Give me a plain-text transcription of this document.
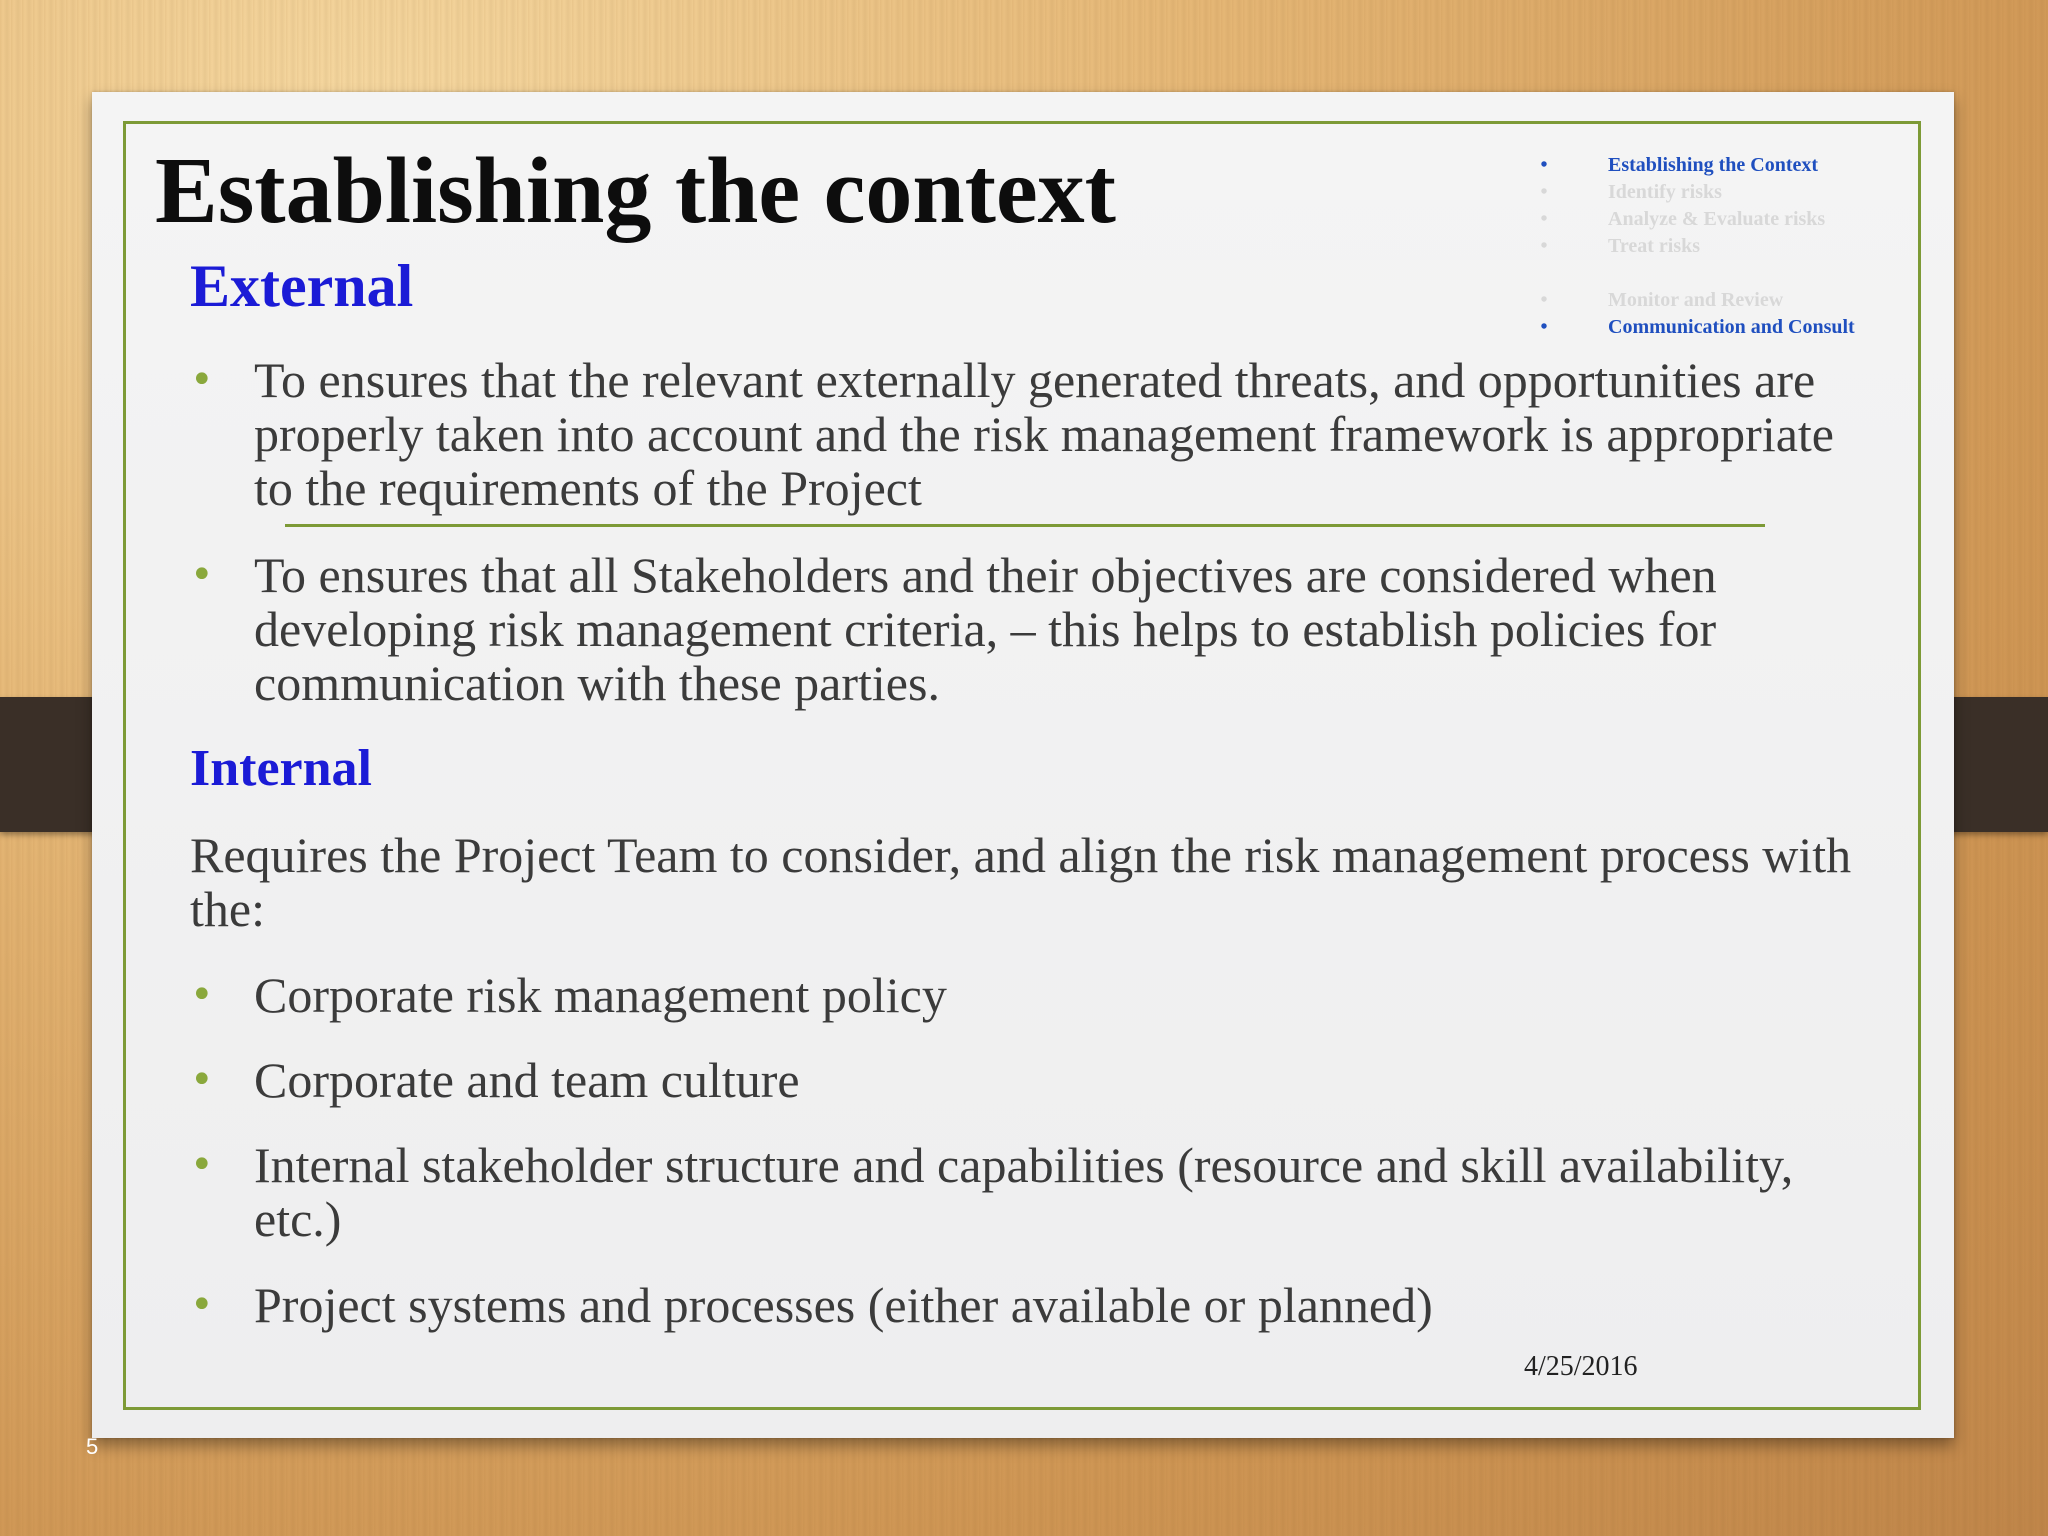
Establishing the context	•	Establishing the Context
•	Identify risks
•	Analyze & Evaluate risks
•	Treat risks
•	Monitor and Review
•	Communication and Consult
External
• To ensures that the relevant externally generated threats, and opportunities are properly taken into account and the risk management framework is appropriate to the requirements of the Project
• To ensures that all Stakeholders and their objectives are considered when developing risk management criteria, – this helps to establish policies for communication with these parties.
Internal

Requires the Project Team to consider, and align the risk management process with the:

• Corporate risk management policy
• Corporate and team culture
• Internal stakeholder structure and capabilities (resource and skill availability, etc.)
• Project systems and processes (either available or planned)
4/25/2016
5
